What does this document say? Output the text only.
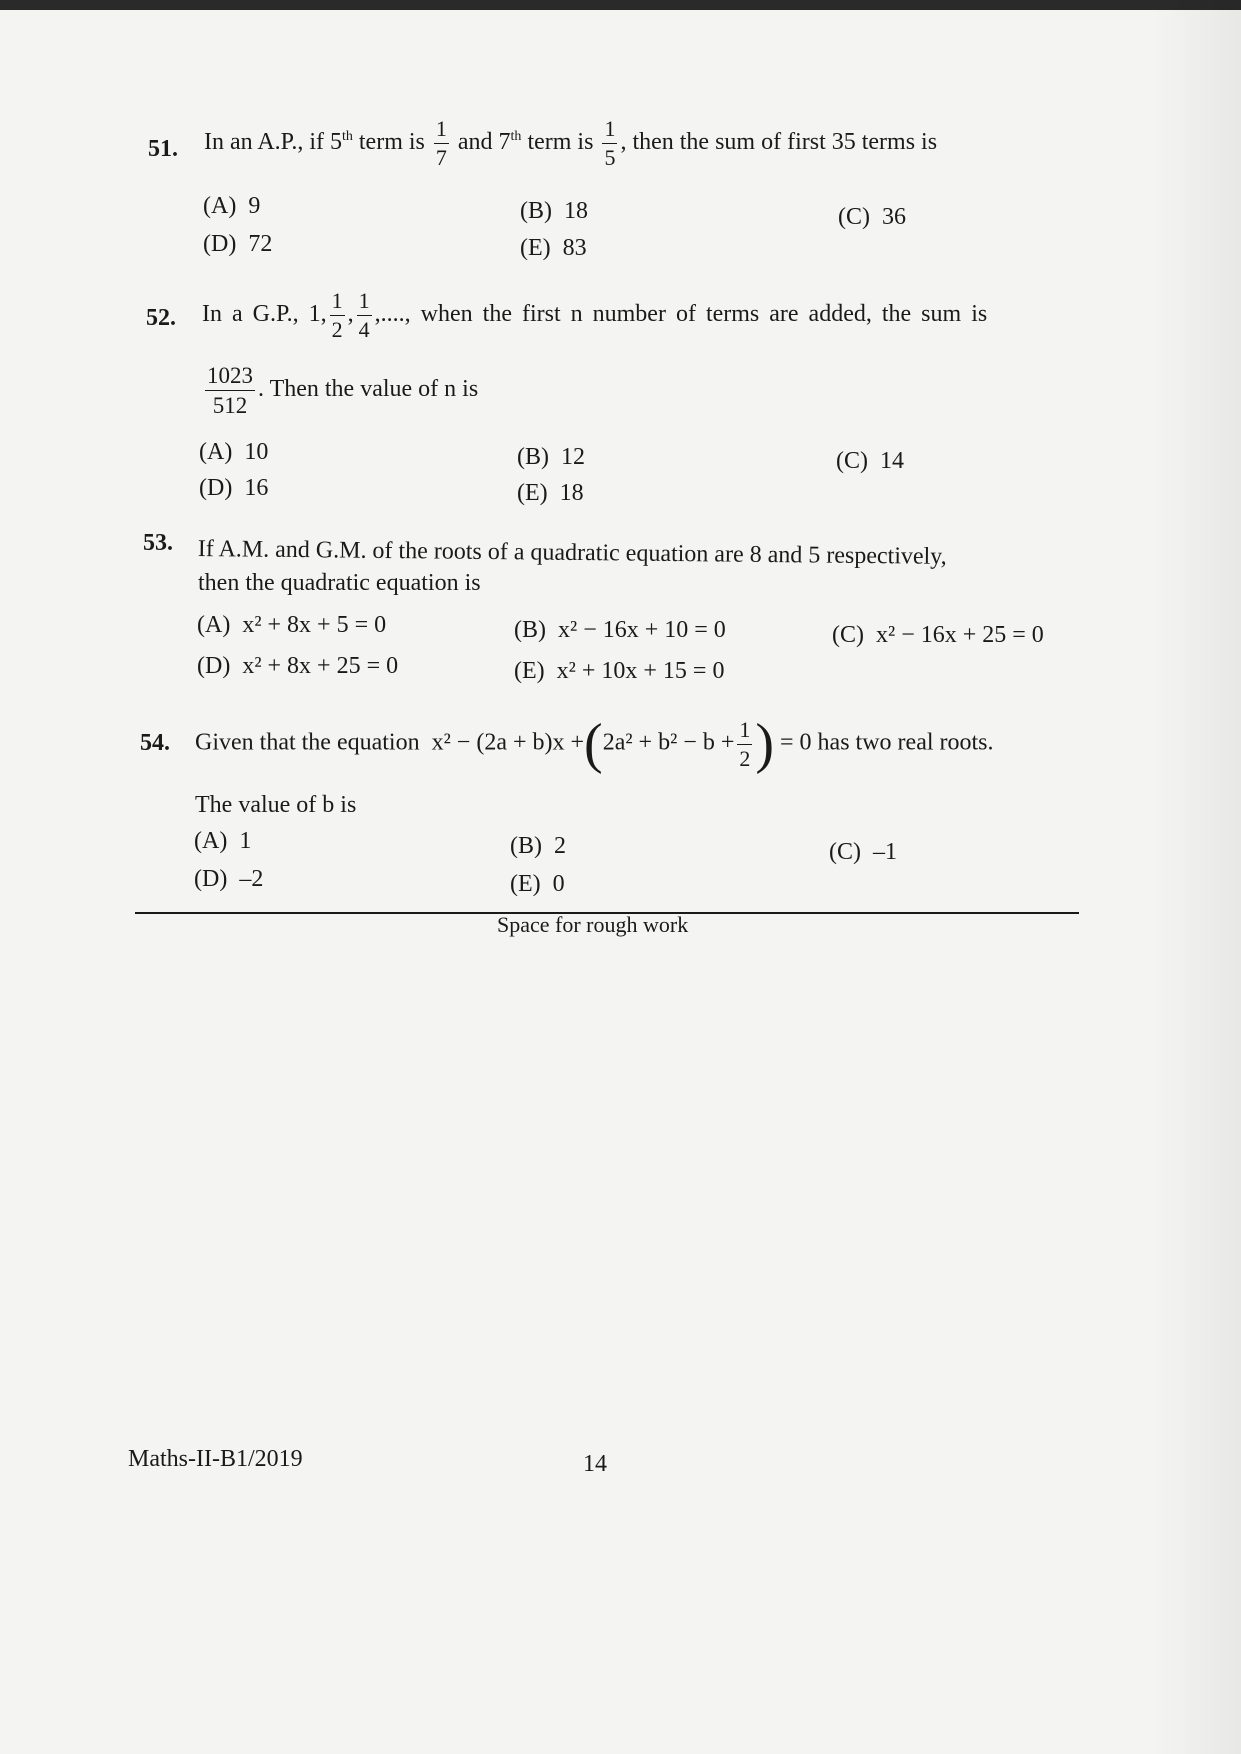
51. In an A.P., if 5th term is $\frac{1}{7}$ and 7th term is $\frac{1}{5}$ , then the sum of first 35 terms is
(A) 9	(B) 18	(C) 36
(D) 72	(E) 83
52. In a G.P., 1, $\frac{1}{2}$ , $\frac{1}{4}$ ,...., when the first n number of terms are added, the sum is
$\frac{1023}{512}$ . Then the value of n is
(A) 10	(B) 12	(C) 14
(D) 16	(E) 18
53. If A.M. and G.M. of the roots of a quadratic equation are 8 and 5 respectively,
then the quadratic equation is
(A) x² + 8x + 5 = 0	(B) x² − 16x + 10 = 0	(C) x² − 16x + 25 = 0
(D) x² + 8x + 25 = 0	(E) x² + 10x + 15 = 0
54. Given that the equation $x^2 - (2a + b)x +(2a^2 + b^2 - b + \frac{1}{2}$ ) = 0 has two real roots.
The value of b is
(A) 1	(B) 2	(C) –1
(D) –2	(E) 0
Space for rough work
Maths-II-B1/2019	14
